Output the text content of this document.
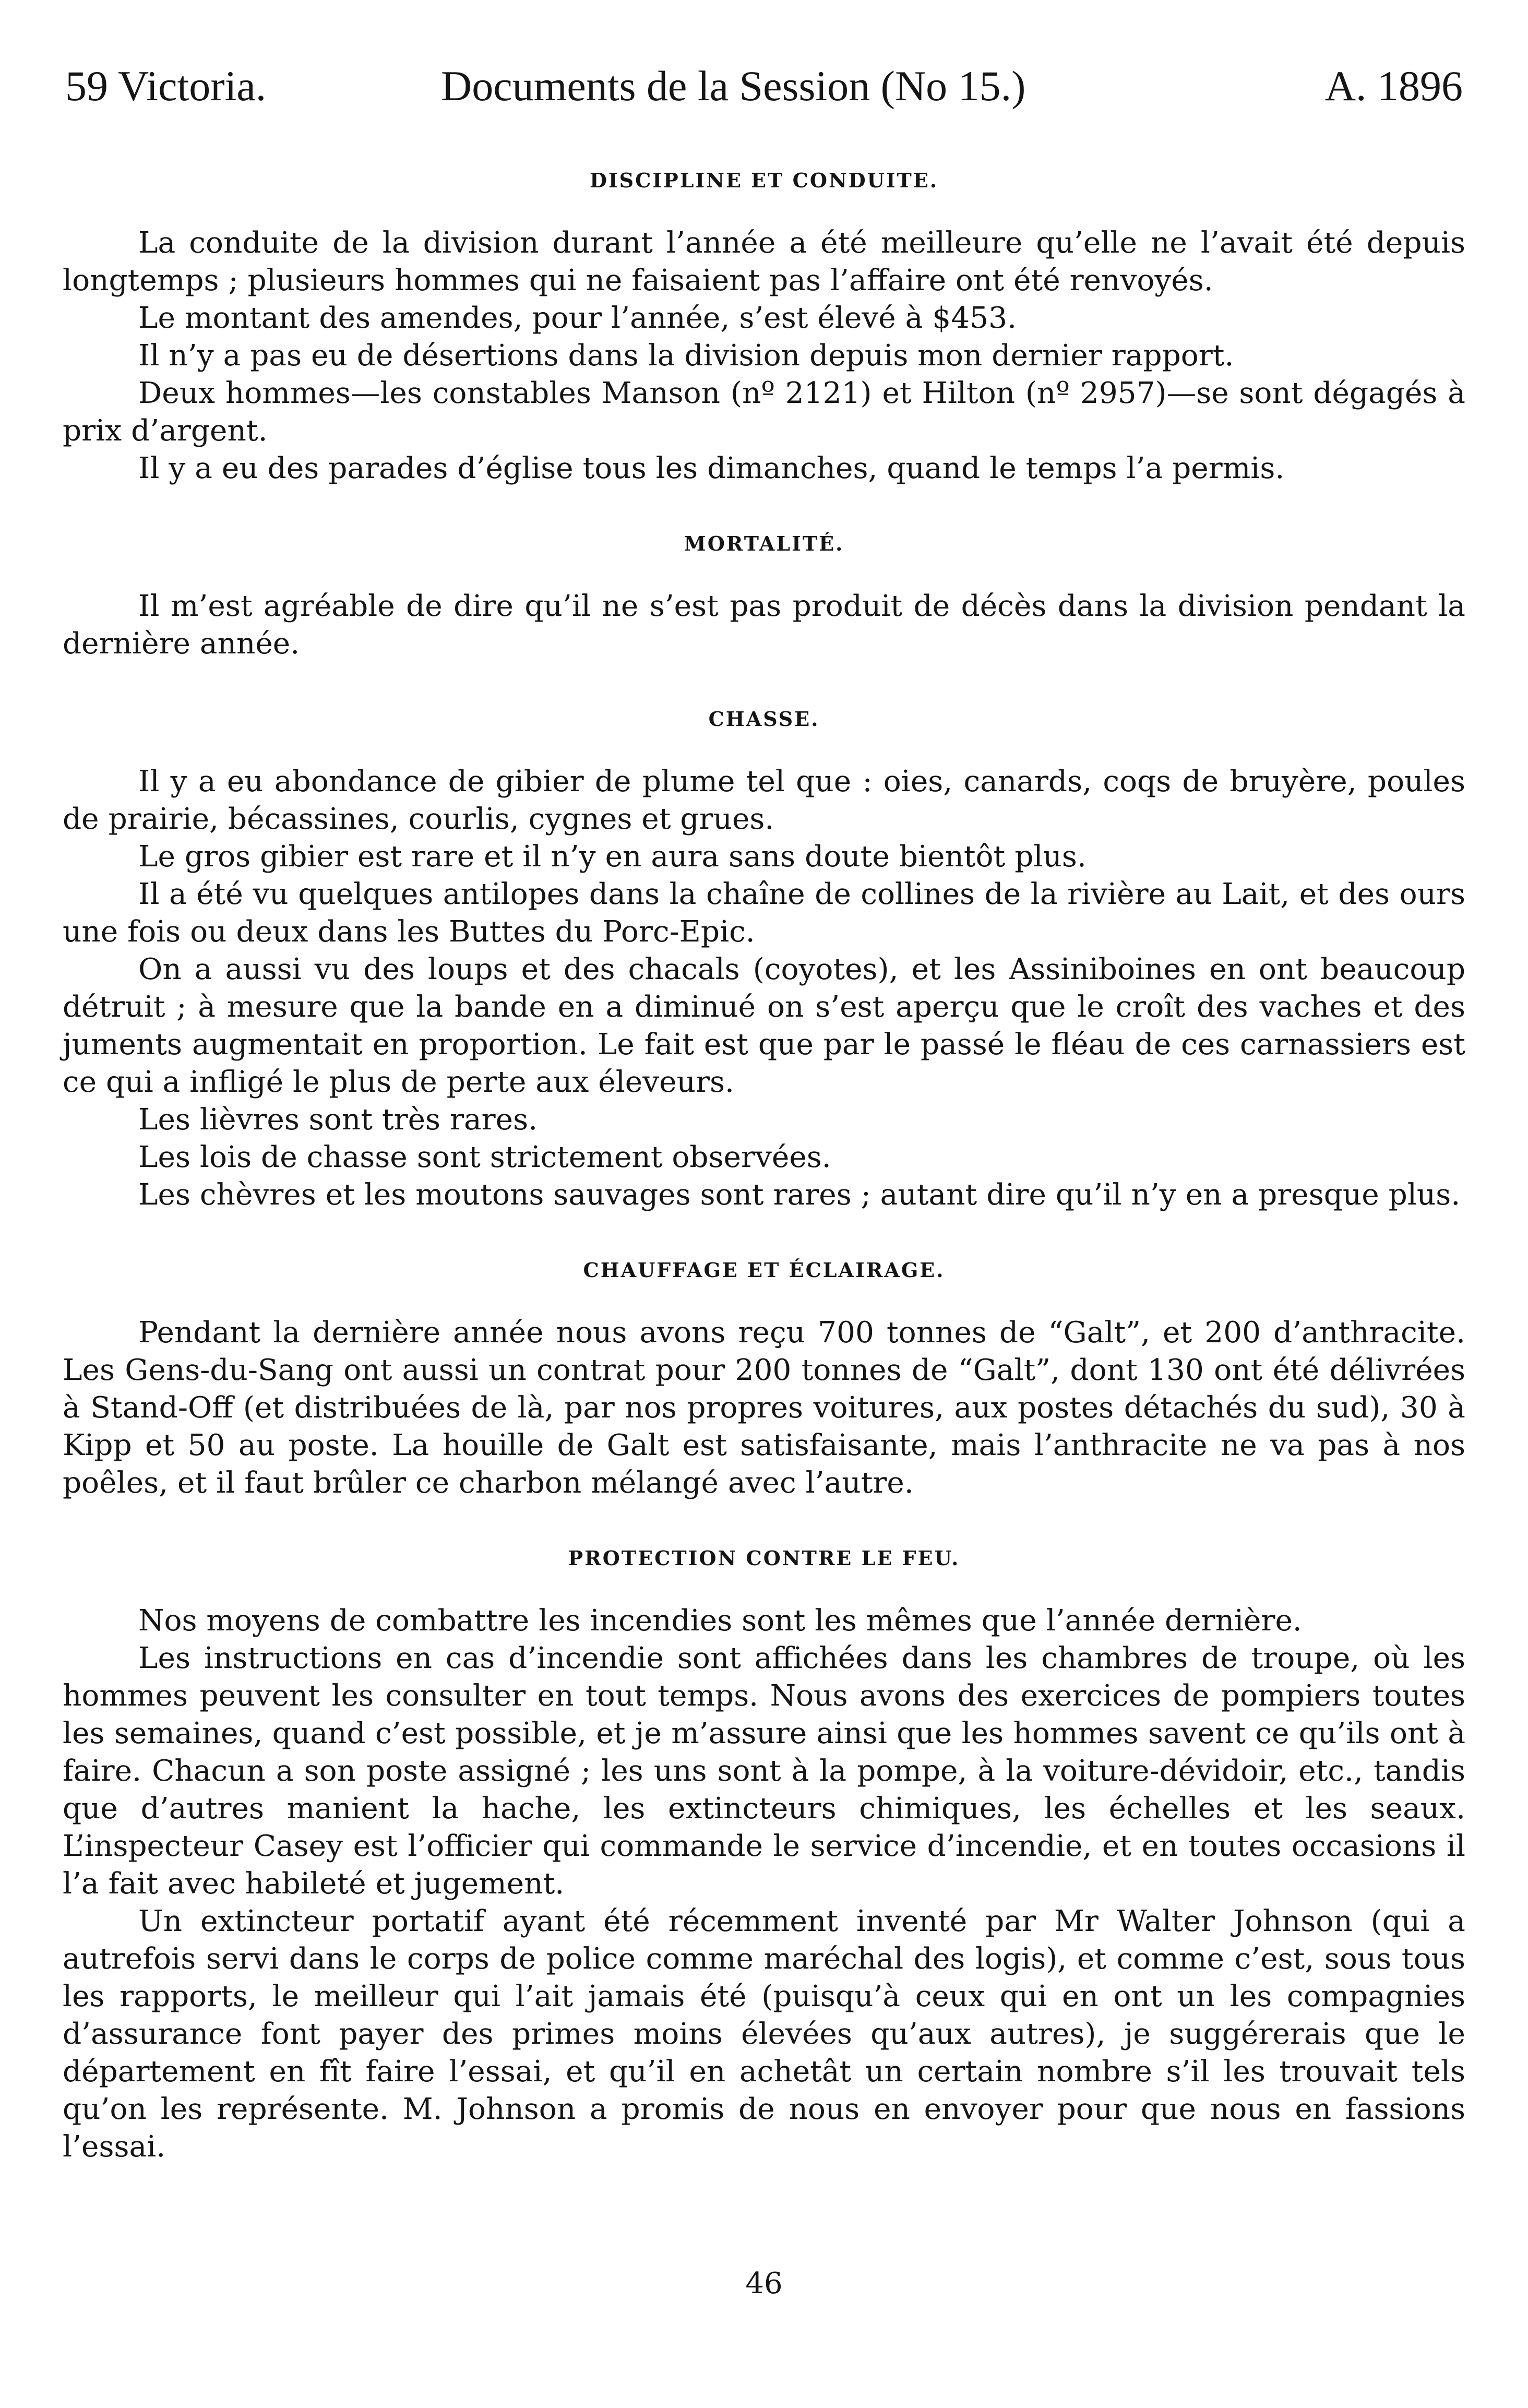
59 Victoria.	Documents de la Session (No 15.)	A. 1896
DISCIPLINE ET CONDUITE.

La conduite de la division durant l’année a été meilleure qu’elle ne l’avait été depuis longtemps ; plusieurs hommes qui ne faisaient pas l’affaire ont été renvoyés.

Le montant des amendes, pour l’année, s’est élevé à $453.

Il n’y a pas eu de désertions dans la division depuis mon dernier rapport.

Deux hommes—les constables Manson (nº 2121) et Hilton (nº 2957)—se sont dégagés à prix d’argent.

Il y a eu des parades d’église tous les dimanches, quand le temps l’a permis.

MORTALITÉ.

Il m’est agréable de dire qu’il ne s’est pas produit de décès dans la division pendant la dernière année.

CHASSE.

Il y a eu abondance de gibier de plume tel que : oies, canards, coqs de bruyère, poules de prairie, bécassines, courlis, cygnes et grues.

Le gros gibier est rare et il n’y en aura sans doute bientôt plus.

Il a été vu quelques antilopes dans la chaîne de collines de la rivière au Lait, et des ours une fois ou deux dans les Buttes du Porc-Epic.

On a aussi vu des loups et des chacals (coyotes), et les Assiniboines en ont beaucoup détruit ; à mesure que la bande en a diminué on s’est aperçu que le croît des vaches et des juments augmentait en proportion. Le fait est que par le passé le fléau de ces carnassiers est ce qui a infligé le plus de perte aux éleveurs.

Les lièvres sont très rares.

Les lois de chasse sont strictement observées.

Les chèvres et les moutons sauvages sont rares ; autant dire qu’il n’y en a presque plus.

CHAUFFAGE ET ÉCLAIRAGE.

Pendant la dernière année nous avons reçu 700 tonnes de “Galt”, et 200 d’anthracite. Les Gens-du-Sang ont aussi un contrat pour 200 tonnes de “Galt”, dont 130 ont été délivrées à Stand-Off (et distribuées de là, par nos propres voitures, aux postes détachés du sud), 30 à Kipp et 50 au poste. La houille de Galt est satisfaisante, mais l’anthracite ne va pas à nos poêles, et il faut brûler ce charbon mélangé avec l’autre.

PROTECTION CONTRE LE FEU.

Nos moyens de combattre les incendies sont les mêmes que l’année dernière.

Les instructions en cas d’incendie sont affichées dans les chambres de troupe, où les hommes peuvent les consulter en tout temps. Nous avons des exercices de pompiers toutes les semaines, quand c’est possible, et je m’assure ainsi que les hommes savent ce qu’ils ont à faire. Chacun a son poste assigné ; les uns sont à la pompe, à la voiture-dévidoir, etc., tandis que d’autres manient la hache, les extincteurs chimiques, les échelles et les seaux. L’inspecteur Casey est l’officier qui commande le service d’incendie, et en toutes occasions il l’a fait avec habileté et jugement.

Un extincteur portatif ayant été récemment inventé par Mr Walter Johnson (qui a autrefois servi dans le corps de police comme maréchal des logis), et comme c’est, sous tous les rapports, le meilleur qui l’ait jamais été (puisqu’à ceux qui en ont un les compagnies d’assurance font payer des primes moins élevées qu’aux autres), je suggérerais que le département en fît faire l’essai, et qu’il en achetât un certain nombre s’il les trouvait tels qu’on les représente. M. Johnson a promis de nous en envoyer pour que nous en fassions l’essai.

46
